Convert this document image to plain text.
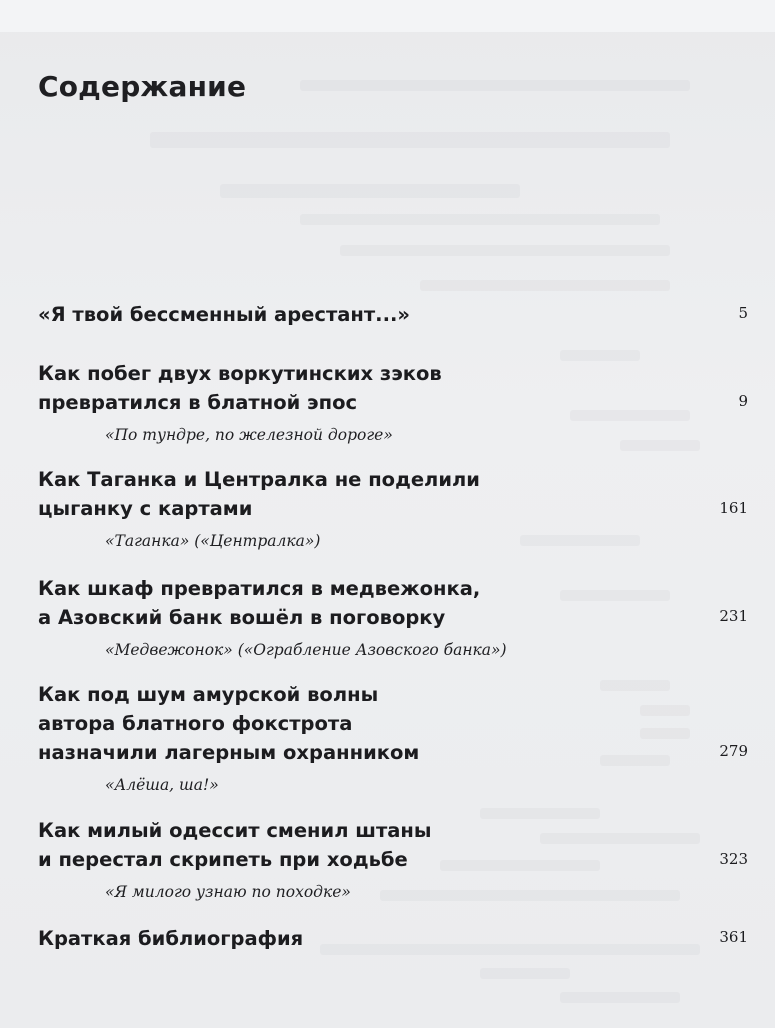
Содержание
«Я твой бессменный арестант...»	5
Как побег двух воркутинских зэков
превратился в блатной эпос	9
«По тундре, по железной дороге»
Как Таганка и Централка не поделили
цыганку с картами	161
«Таганка» («Централка»)
Как шкаф превратился в медвежонка,
а Азовский банк вошёл в поговорку	231
«Медвежонок» («Ограбление Азовского банка»)
Как под шум амурской волны
автора блатного фокстрота
назначили лагерным охранником	279
«Алёша, ша!»
Как милый одессит сменил штаны
и перестал скрипеть при ходьбе	323
«Я милого узнаю по походке»
Краткая библиография	361
